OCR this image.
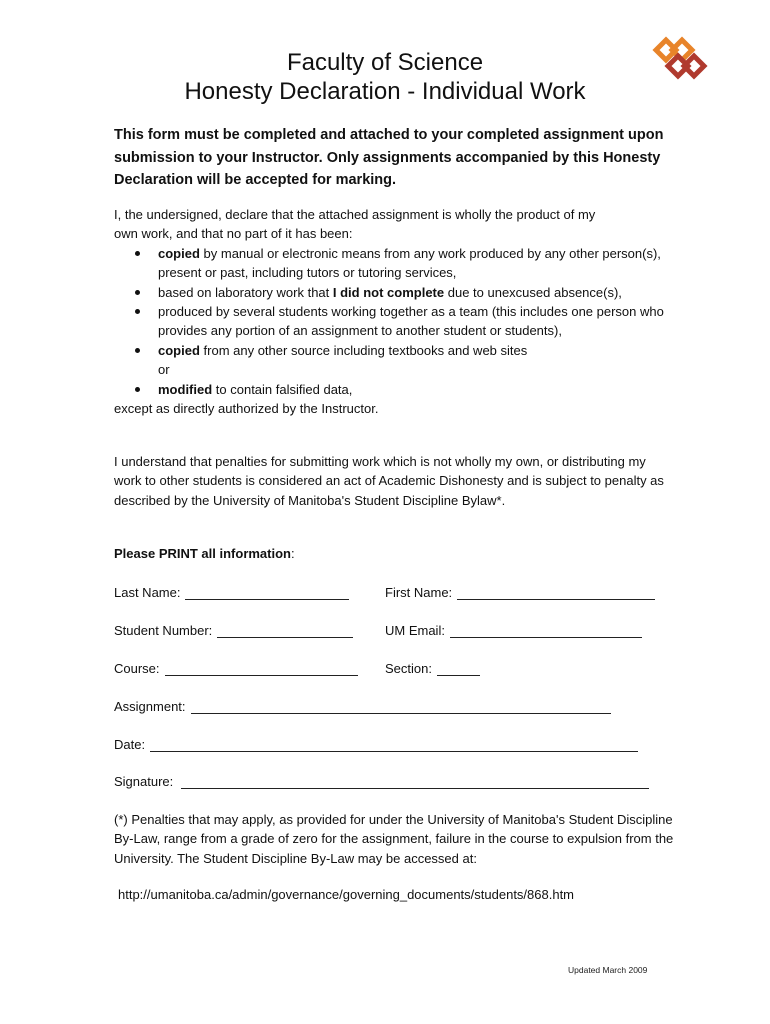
Faculty of Science
Honesty Declaration - Individual Work
This form must be completed and attached to your completed assignment upon submission to your Instructor. Only assignments accompanied by this Honesty Declaration will be accepted for marking.

I, the undersigned, declare that the attached assignment is wholly the product of my

own work, and that no part of it has been:

copied by manual or electronic means from any work produced by any other person(s), present or past, including tutors or tutoring services,
based on laboratory work that I did not complete due to unexcused absence(s),
produced by several students working together as a team (this includes one person who provides any portion of an assignment to another student or students),
copied from any other source including textbooks and web sites
or
modified to contain falsified data,

except as directly authorized by the Instructor.

I understand that penalties for submitting work which is not wholly my own, or distributing my work to other students is considered an act of Academic Dishonesty and is subject to penalty as described by the University of Manitoba's Student Discipline Bylaw*.
Please PRINT all information:
Last Name:	First Name:
Student Number:	UM Email:
Course:	Section:
Assignment:
Date:
Signature:
(*) Penalties that may apply, as provided for under the University of Manitoba's Student Discipline By-Law, range from a grade of zero for the assignment, failure in the course to expulsion from the University. The Student Discipline By-Law may be accessed at:
http://umanitoba.ca/admin/governance/governing_documents/students/868.htm
Updated March 2009
